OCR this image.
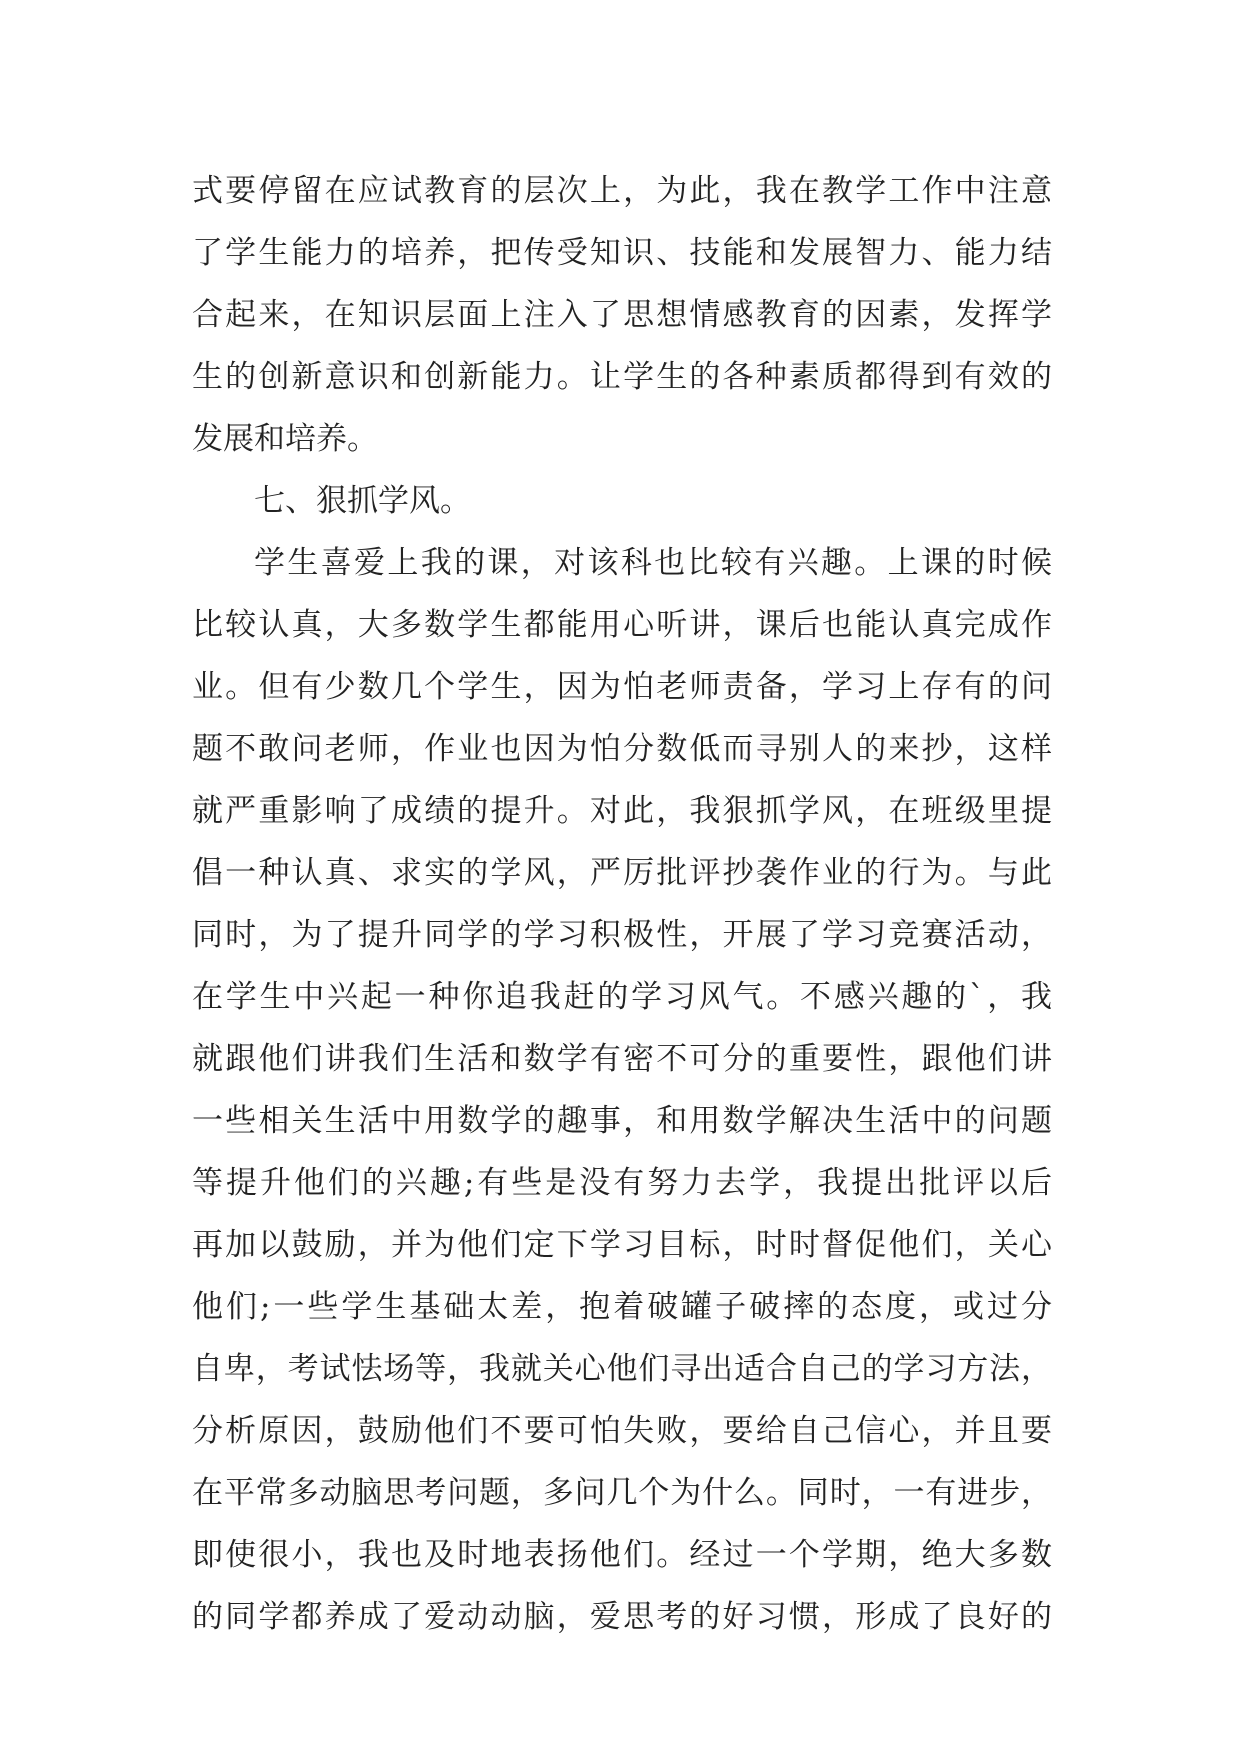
式要停留在应试教育的层次上，为此，我在教学工作中注意
了学生能力的培养，把传受知识、技能和发展智力、能力结
合起来，在知识层面上注入了思想情感教育的因素，发挥学
生的创新意识和创新能力。让学生的各种素质都得到有效的
发展和培养。
七、狠抓学风。
学生喜爱上我的课，对该科也比较有兴趣。上课的时候
比较认真，大多数学生都能用心听讲，课后也能认真完成作
业。但有少数几个学生，因为怕老师责备，学习上存有的问
题不敢问老师，作业也因为怕分数低而寻别人的来抄，这样
就严重影响了成绩的提升。对此，我狠抓学风，在班级里提
倡一种认真、求实的学风，严厉批评抄袭作业的行为。与此
同时，为了提升同学的学习积极性，开展了学习竞赛活动，
在学生中兴起一种你追我赶的学习风气。不感兴趣的`，我
就跟他们讲我们生活和数学有密不可分的重要性，跟他们讲
一些相关生活中用数学的趣事，和用数学解决生活中的问题
等提升他们的兴趣;有些是没有努力去学，我提出批评以后
再加以鼓励，并为他们定下学习目标，时时督促他们，关心
他们;一些学生基础太差，抱着破罐子破摔的态度，或过分
自卑，考试怯场等，我就关心他们寻出适合自己的学习方法，
分析原因，鼓励他们不要可怕失败，要给自己信心，并且要
在平常多动脑思考问题，多问几个为什么。同时，一有进步，
即使很小，我也及时地表扬他们。经过一个学期，绝大多数
的同学都养成了爱动动脑，爱思考的好习惯，形成了良好的
